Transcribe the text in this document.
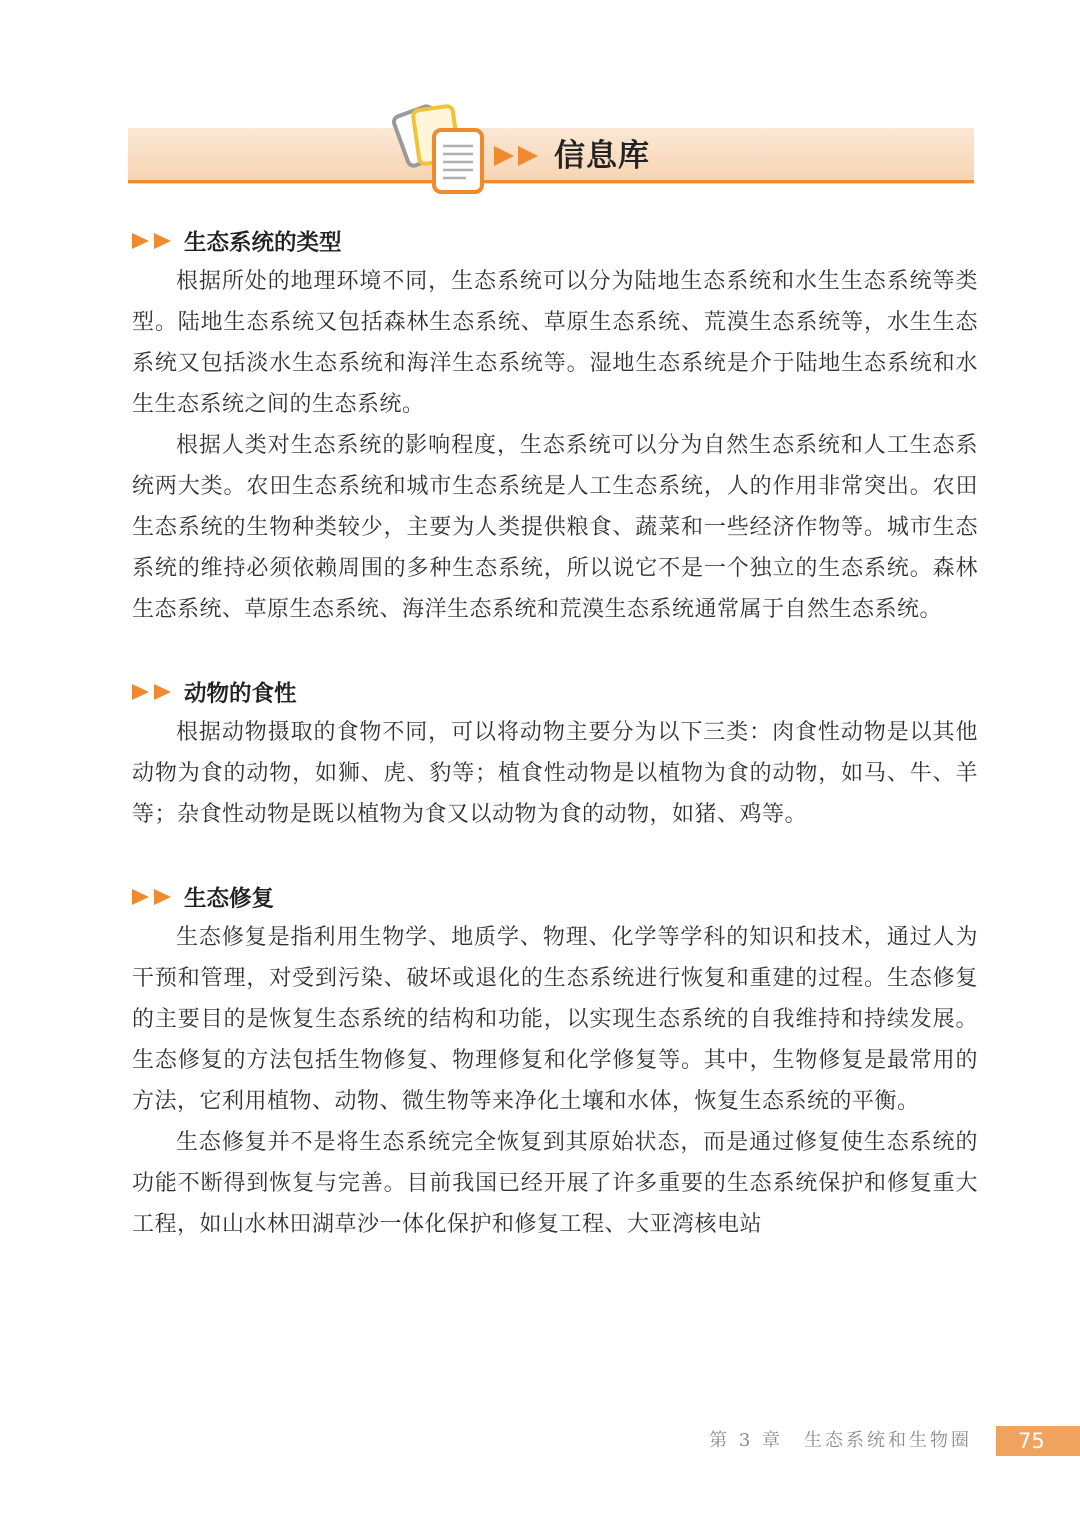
信息库
生态系统的类型

根据所处的地理环境不同，生态系统可以分为陆地生态系统和水生生态系统等类型。陆地生态系统又包括森林生态系统、草原生态系统、荒漠生态系统等，水生生态系统又包括淡水生态系统和海洋生态系统等。湿地生态系统是介于陆地生态系统和水生生态系统之间的生态系统。

根据人类对生态系统的影响程度，生态系统可以分为自然生态系统和人工生态系统两大类。农田生态系统和城市生态系统是人工生态系统，人的作用非常突出。农田生态系统的生物种类较少，主要为人类提供粮食、蔬菜和一些经济作物等。城市生态系统的维持必须依赖周围的多种生态系统，所以说它不是一个独立的生态系统。森林生态系统、草原生态系统、海洋生态系统和荒漠生态系统通常属于自然生态系统。

动物的食性

根据动物摄取的食物不同，可以将动物主要分为以下三类：肉食性动物是以其他动物为食的动物，如狮、虎、豹等；植食性动物是以植物为食的动物，如马、牛、羊等；杂食性动物是既以植物为食又以动物为食的动物，如猪、鸡等。

生态修复

生态修复是指利用生物学、地质学、物理、化学等学科的知识和技术，通过人为干预和管理，对受到污染、破坏或退化的生态系统进行恢复和重建的过程。生态修复的主要目的是恢复生态系统的结构和功能，以实现生态系统的自我维持和持续发展。生态修复的方法包括生物修复、物理修复和化学修复等。其中，生物修复是最常用的方法，它利用植物、动物、微生物等来净化土壤和水体，恢复生态系统的平衡。

生态修复并不是将生态系统完全恢复到其原始状态，而是通过修复使生态系统的功能不断得到恢复与完善。目前我国已经开展了许多重要的生态系统保护和修复重大工程，如山水林田湖草沙一体化保护和修复工程、大亚湾核电站

第 3 章　生态系统和生物圈 75
